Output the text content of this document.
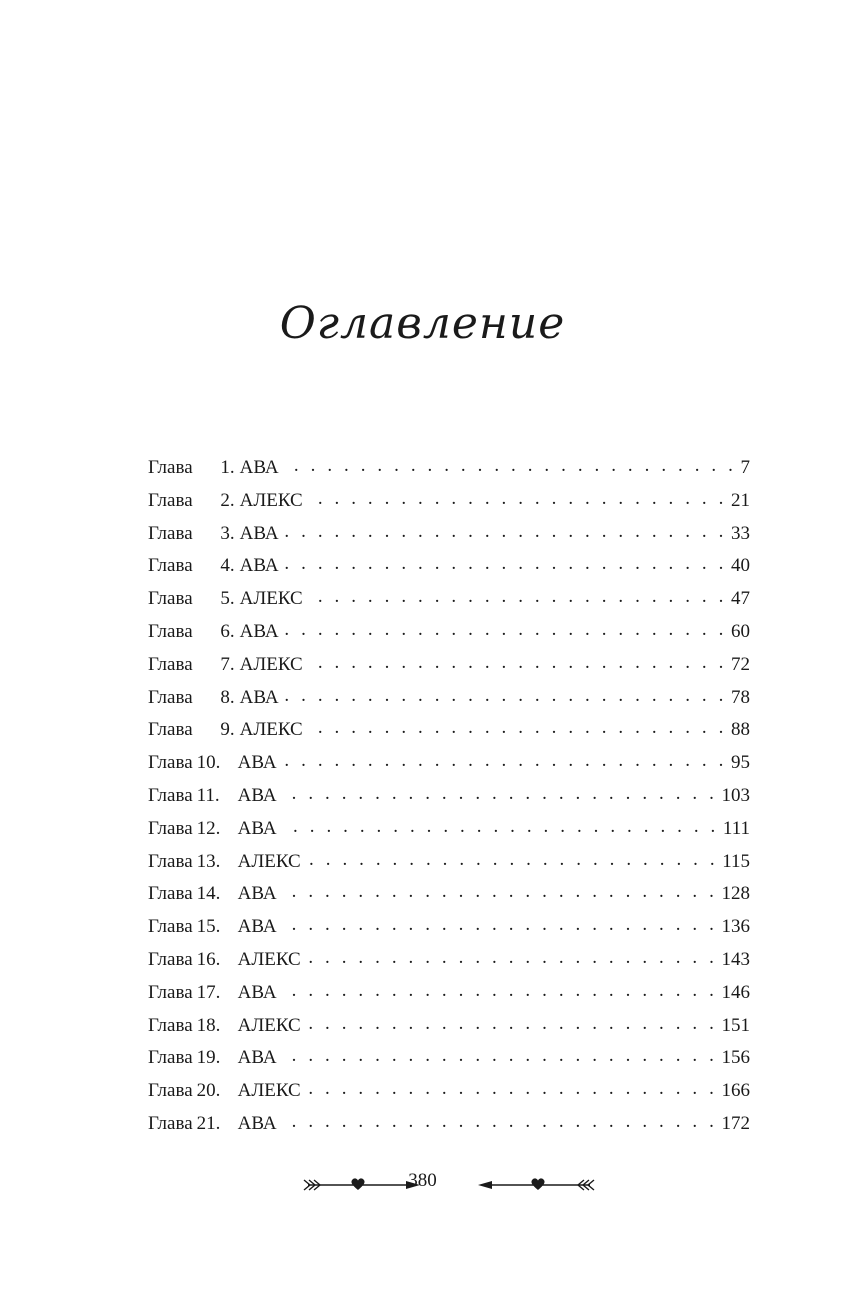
Оглавление
Глава	1. АВА . . .	7
Глава	2. АЛЕКС . . .	21
Глава	3. АВА . . .	33
Глава	4. АВА . . .	40
Глава	5. АЛЕКС . . .	47
Глава	6. АВА . . .	60
Глава	7. АЛЕКС . . .	72
Глава	8. АВА . . .	78
Глава	9. АЛЕКС . . .	88
Глава 10. АВА . . .	95
Глава 11. АВА . . .	103
Глава 12. АВА . . .	111
Глава 13. АЛЕКС . . .	115
Глава 14. АВА . . .	128
Глава 15. АВА . . .	136
Глава 16. АЛЕКС . . .	143
Глава 17. АВА . . .	146
Глава 18. АЛЕКС . . .	151
Глава 19. АВА . . .	156
Глава 20. АЛЕКС . . .	166
Глава 21. АВА . . .	172
380
